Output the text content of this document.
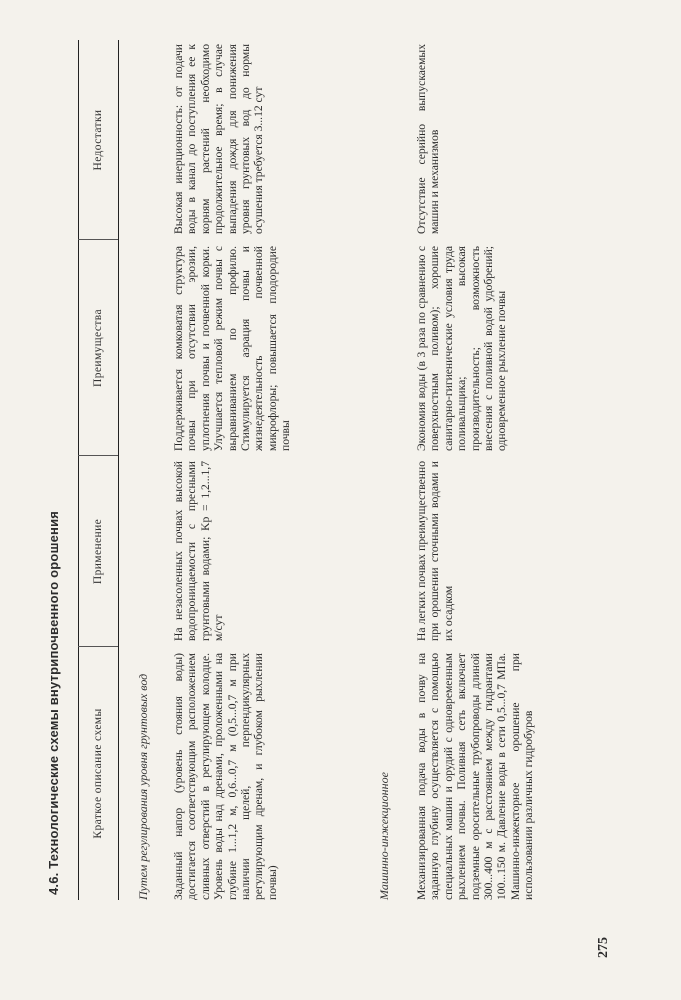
4.6. Технологические схемы внутрипочвенного орошения	Краткое описание схемы
Применение
Преимущества
Недостатки
Путем регулирования уровня грунтовых вод Заданный напор (уровень стояния воды) достигается соответствующим расположением сливных отверстий в регулирующем колодце. Уровень воды над дренами, проложенными на глубине 1...1,2 м, 0,6...0,7 м (0,5...0,7 м при наличии щелей, перпендикулярных регулирующим дренам, и глубоком рыхлении почвы)
На незасоленных почвах высокой водопроницаемости с пресными грунтовыми водами; Kр = 1,2...1,7 м/сут
Поддерживается комковатая структура почвы при отсутствии эрозии, уплотнения почвы и почвенной корки. Улучшается тепловой режим почвы с выравниванием по профилю. Стимулируется аэрация почвы и жизнедеятельность почвенной микрофлоры; повышается плодородие почвы
Высокая инерционность: от подачи воды в канал до поступления ее к корням растений необходимо продолжительное время; в случае выпадения дождя для понижения уровня грунтовых вод до нормы осушения требуется 3...12 сут
Машинно-инжекционное Механизированная подача воды в почву на заданную глубину осуществляется с помощью специальных машин и орудий с одновременным рыхлением почвы. Поливная сеть включает подземные оросительные трубопроводы длиной 300...400 м с расстоянием между гидрантами 100...150 м. Давление воды в сети 0,5...0,7 МПа. Машинно-инжекторное орошение при использовании различных гидробуров
На легких почвах преимущественно при орошении сточными водами и их осадком
Экономия воды (в 3 раза по сравнению с поверхностным поливом); хорошие санитарно-гигиенические условия труда поливальщика; высокая производительность; возможность внесения с поливной водой удобрений; одновременное рыхление почвы
Отсутствие серийно выпускаемых машин и механизмов
275
